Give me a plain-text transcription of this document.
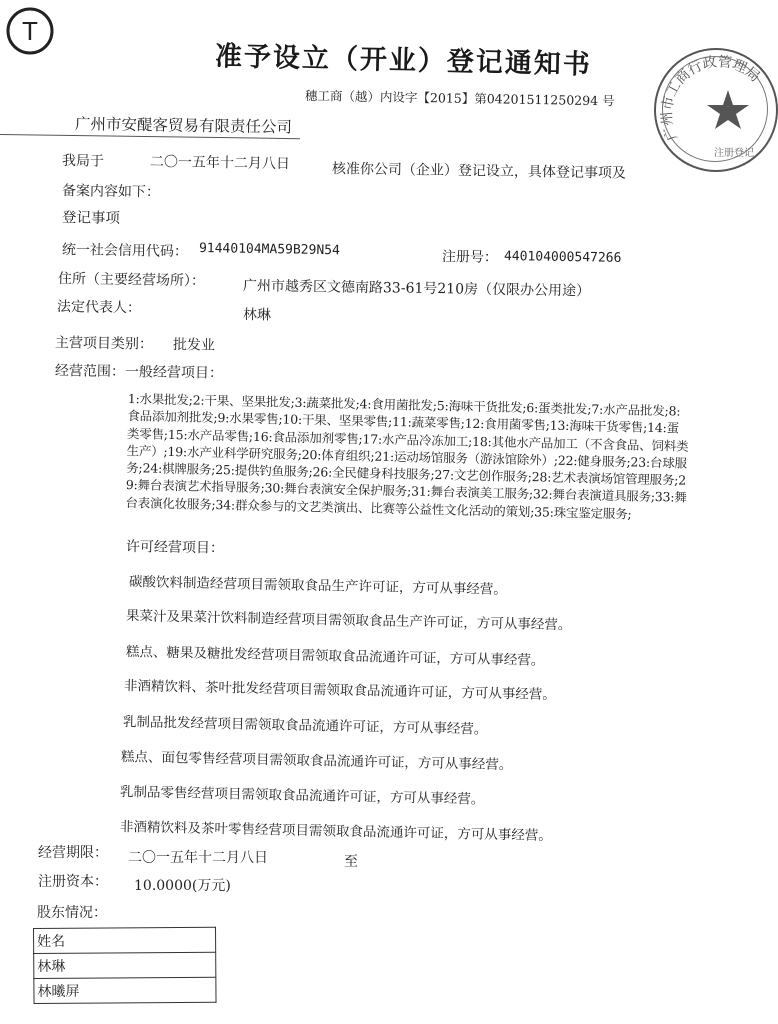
T
广州市工商行政管理局
注册登记
准予设立（开业）登记通知书
穗工商（越）内设字【2015】第04201511250294 号
广州市安醍客贸易有限责任公司
我局于	二〇一五年十二月八日	核准你公司（企业）登记设立，具体登记事项及
备案内容如下：
登记事项
统一社会信用代码： 91440104MA59B29N54	注册号： 440104000547266
住所（主要经营场所）：	广州市越秀区文德南路33-61号210房（仅限办公用途）
法定代表人：	林琳
主营项目类别： 批发业
经营范围：一般经营项目：
1:水果批发;2:干果、坚果批发;3:蔬菜批发;4:食用菌批发;5:海味干货批发;6:蛋类批发;7:水产品批发;8:食品添加剂批发;9:水果零售;10:干果、坚果零售;11:蔬菜零售;12:食用菌零售;13:海味干货零售;14:蛋类零售;15:水产品零售;16:食品添加剂零售;17:水产品冷冻加工;18:其他水产品加工（不含食品、饲料类生产）;19:水产业科学研究服务;20:体育组织;21:运动场馆服务（游泳馆除外）;22:健身服务;23:台球服务;24:棋牌服务;25:提供钓鱼服务;26:全民健身科技服务;27:文艺创作服务;28:艺术表演场馆管理服务;29:舞台表演艺术指导服务;30:舞台表演安全保护服务;31:舞台表演美工服务;32:舞台表演道具服务;33:舞台表演化妆服务;34:群众参与的文艺类演出、比赛等公益性文化活动的策划;35:珠宝鉴定服务;
许可经营项目：
碳酸饮料制造经营项目需领取食品生产许可证，方可从事经营。
果菜汁及果菜汁饮料制造经营项目需领取食品生产许可证，方可从事经营。
糕点、糖果及糖批发经营项目需领取食品流通许可证，方可从事经营。
非酒精饮料、茶叶批发经营项目需领取食品流通许可证，方可从事经营。
乳制品批发经营项目需领取食品流通许可证，方可从事经营。
糕点、面包零售经营项目需领取食品流通许可证，方可从事经营。
乳制品零售经营项目需领取食品流通许可证，方可从事经营。
非酒精饮料及茶叶零售经营项目需领取食品流通许可证，方可从事经营。
经营期限： 二〇一五年十二月八日	至
注册资本： 10.0000(万元)
股东情况：
姓名
林琳
林曦屏
